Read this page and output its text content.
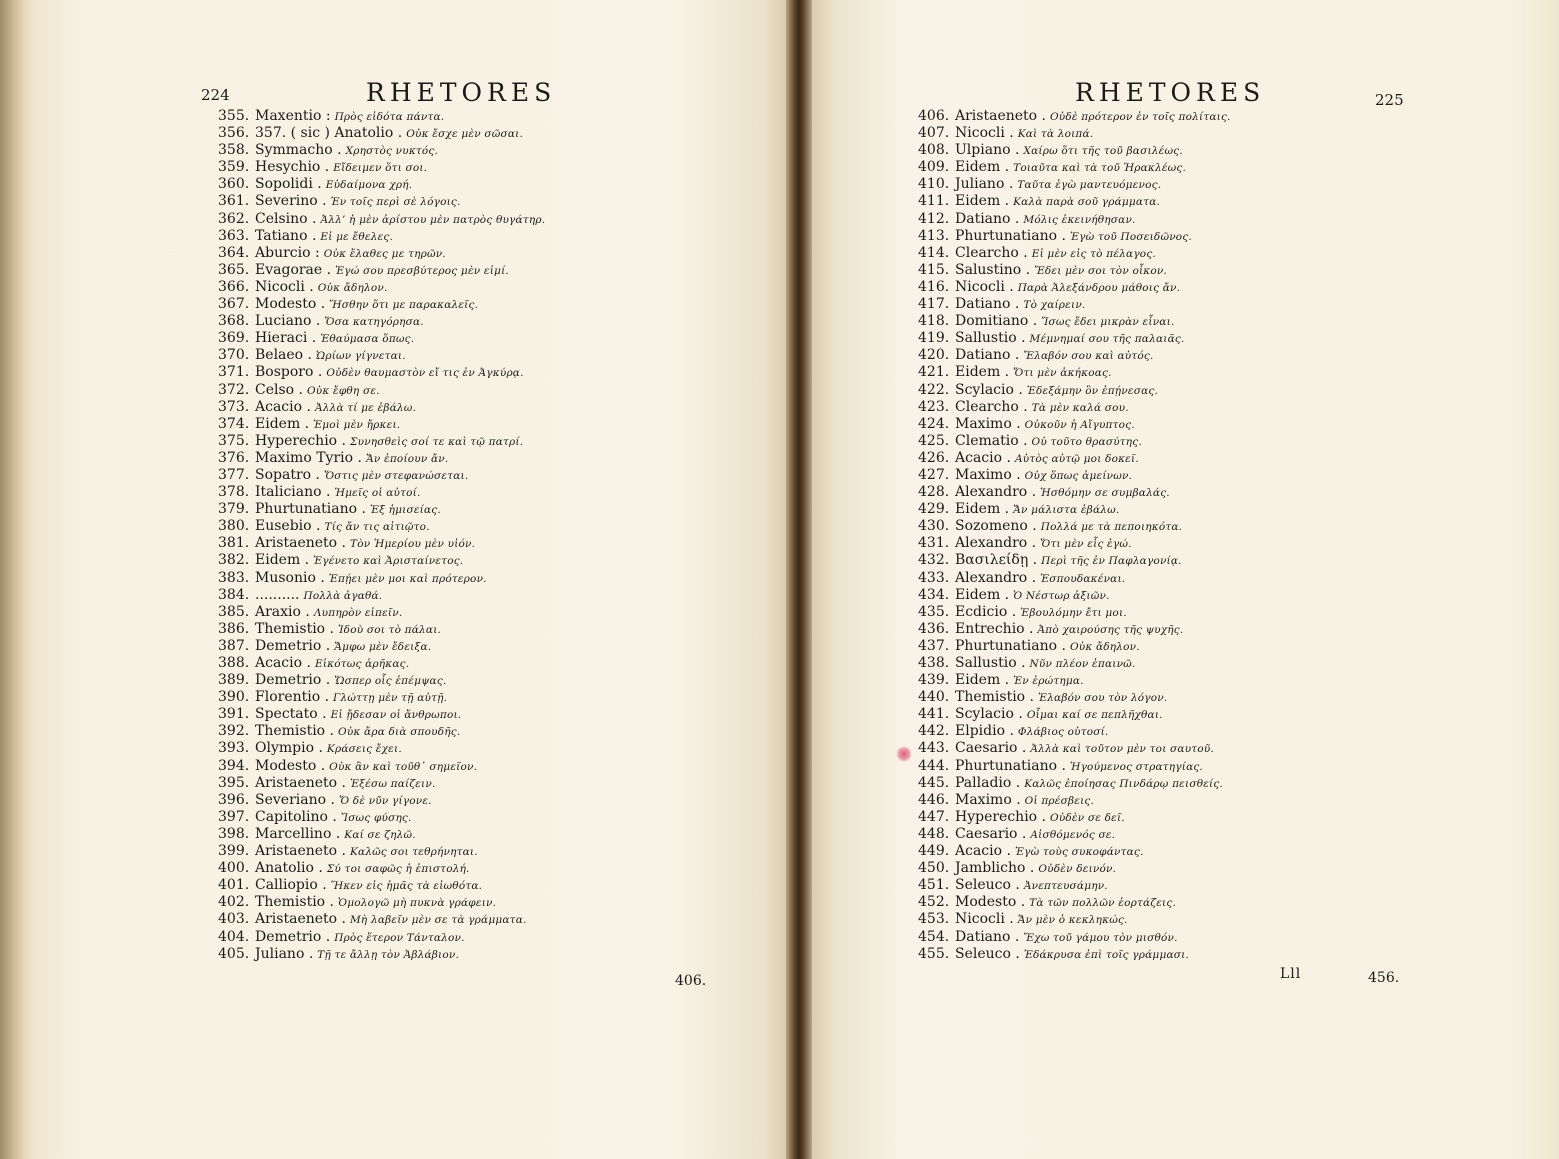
224	RHETORES
355. Maxentio : Πρὸς εἰδότα πάντα.
356. 357. ( sic ) Anatolio . Οὐκ ἔσχε μὲν σῶσαι.
358. Symmacho . Χρηστὸς νυκτός.
359. Hesychio . Εἴδειμεν ὅτι σοι.
360. Sopolidi . Εὐδαίμονα χρή.
361. Severino . Ἐν τοῖς περὶ σὲ λόγοις.
362. Celsino . Ἀλλ’ ἡ μὲν ἀρίστου μὲν πατρὸς θυγάτηρ.
363. Tatiano . Εἰ με ἔθελες.
364. Aburcio : Οὐκ ἔλαθες με τηρῶν.
365. Evagorae . Ἐγώ σου πρεσβύτερος μὲν εἰμί.
366. Nicocli . Οὐκ ἄδηλον.
367. Modesto . Ἥσθην ὅτι με παρακαλεῖς.
368. Luciano . Ὅσα κατηγόρησα.
369. Hieraci . Ἐθαύμασα ὅπως.
370. Belaeo . Ὡρίων γίγνεται.
371. Bosporo . Οὐδὲν θαυμαστὸν εἴ τις ἐν Ἀγκύρᾳ.
372. Celso . Οὐκ ἔφθη σε.
373. Acacio . Ἀλλὰ τί με ἐβάλω.
374. Eidem . Ἐμοὶ μὲν ἤρκει.
375. Hyperechio . Συνησθεὶς σοί τε καὶ τῷ πατρί.
376. Maximo Tyrio . Ἄν ἐποίουν ἄν.
377. Sopatro . Ὅστις μὲν στεφανώσεται.
378. Italiciano . Ἡμεῖς οἱ αὐτοί.
379. Phurtunatiano . Ἐξ ἡμισείας.
380. Eusebio . Τίς ἄν τις αἰτιῷτο.
381. Aristaeneto . Τὸν Ἡμερίου μὲν υἱόν.
382. Eidem . Ἐγένετο καὶ Ἀρισταίνετος.
383. Musonio . Ἐπῄει μὲν μοι καὶ πρότερον.
384. .......... Πολλὰ ἀγαθά.
385. Araxio . Λυπηρὸν εἰπεῖν.
386. Themistio . Ἰδοὺ σοι τὸ πάλαι.
387. Demetrio . Ἄμφω μὲν ἔδειξα.
388. Acacio . Εἰκότως ἀρῆκας.
389. Demetrio . Ὥσπερ οἷς ἐπέμψας.
390. Florentio . Γλώττῃ μὲν τῇ αὐτῇ.
391. Spectato . Εἰ ᾔδεσαν οἱ ἄνθρωποι.
392. Themistio . Οὐκ ἄρα διὰ σπουδῆς.
393. Olympio . Κράσεις ἔχει.
394. Modesto . Οὐκ ἂν καὶ τοῦθ᾽ σημεῖον.
395. Aristaeneto . Ἐξέσω παίζειν.
396. Severiano . Ὅ δὲ νῦν γίγονε.
397. Capitolino . Ἴσως φύσης.
398. Marcellino . Καί σε ζηλῶ.
399. Aristaeneto . Καλῶς σοι τεθρήνηται.
400. Anatolio . Σύ τοι σαφῶς ἡ ἐπιστολή.
401. Calliopio . Ἥκεν εἰς ἡμᾶς τὰ εἰωθότα.
402. Themistio . Ὁμολογῶ μὴ πυκνὰ γράφειν.
403. Aristaeneto . Μὴ λαβεῖν μὲν σε τὰ γράμματα.
404. Demetrio . Πρὸς ἕτερον Τάνταλον.
405. Juliano . Τῇ τε ἄλλῃ τὸν Ἀβλάβιον.
406.
RHETORES	225
406. Aristaeneto . Οὐδὲ πρότερον ἐν τοῖς πολίταις.
407. Nicocli . Καὶ τὰ λοιπά.
408. Ulpiano . Χαίρω ὅτι τῆς τοῦ βασιλέως.
409. Eidem . Τοιαῦτα καὶ τὰ τοῦ Ἡρακλέως.
410. Juliano . Ταῦτα ἐγὼ μαντευόμενος.
411. Eidem . Καλὰ παρὰ σοῦ γράμματα.
412. Datiano . Μόλις ἐκεινήθησαν.
413. Phurtunatiano . Ἐγὼ τοῦ Ποσειδῶνος.
414. Clearcho . Εἰ μὲν εἰς τὸ πέλαγος.
415. Salustino . Ἔδει μὲν σοι τὸν οἶκον.
416. Nicocli . Παρὰ Ἀλεξάνδρου μάθοις ἄν.
417. Datiano . Τὸ χαίρειν.
418. Domitiano . Ἴσως ἔδει μικρὰν εἶναι.
419. Sallustio . Μέμνημαί σου τῆς παλαιᾶς.
420. Datiano . Ἔλαβόν σου καὶ αὐτός.
421. Eidem . Ὅτι μὲν ἀκήκοας.
422. Scylacio . Ἐδεξάμην ὃν ἐπῄνεσας.
423. Clearcho . Τὰ μὲν καλά σου.
424. Maximo . Οὐκοῦν ἡ Αἴγυπτος.
425. Clematio . Οὐ τοῦτο θρασύτης.
426. Acacio . Αὐτὸς αὐτῷ μοι δοκεῖ.
427. Maximo . Οὐχ ὅπως ἀμείνων.
428. Alexandro . Ἡσθόμην σε συμβαλάς.
429. Eidem . Ἄν μάλιστα ἐβάλω.
430. Sozomeno . Πολλά με τὰ πεποιηκότα.
431. Alexandro . Ὅτι μὲν εἷς ἐγώ.
432. Βασιλείδῃ . Περὶ τῆς ἐν Παφλαγονίᾳ.
433. Alexandro . Ἐσπουδακέναι.
434. Eidem . Ὁ Νέστωρ ἀξιῶν.
435. Ecdicio . Ἐβουλόμην ἔτι μοι.
436. Entrechio . Ἀπὸ χαιρούσης τῆς ψυχῆς.
437. Phurtunatiano . Οὐκ ἄδηλον.
438. Sallustio . Νῦν πλέον ἐπαινῶ.
439. Eidem . Ἐν ἐρώτημα.
440. Themistio . Ἐλαβόν σου τὸν λόγον.
441. Scylacio . Οἶμαι καί σε πεπλῆχθαι.
442. Elpidio . Φλάβιος οὑτοσί.
443. Caesario . Ἀλλὰ καὶ τοῦτον μὲν τοι σαυτοῦ.
444. Phurtunatiano . Ἡγούμενος στρατηγίας.
445. Palladio . Καλῶς ἐποίησας Πινδάρῳ πεισθείς.
446. Maximo . Οἱ πρέσβεις.
447. Hyperechio . Οὐδὲν σε δεῖ.
448. Caesario . Αἰσθόμενός σε.
449. Acacio . Ἐγὼ τοὺς συκοφάντας.
450. Jamblicho . Οὐδὲν δεινόν.
451. Seleuco . Ἀνεπτευσάμην.
452. Modesto . Τὰ τῶν πολλῶν ἑορτάζεις.
453. Nicocli . Ἄν μὲν ὁ κεκληκώς.
454. Datiano . Ἔχω τοῦ γάμου τὸν μισθόν.
455. Seleuco . Ἐδάκρυσα ἐπὶ τοῖς γράμμασι.
Lll	456.
